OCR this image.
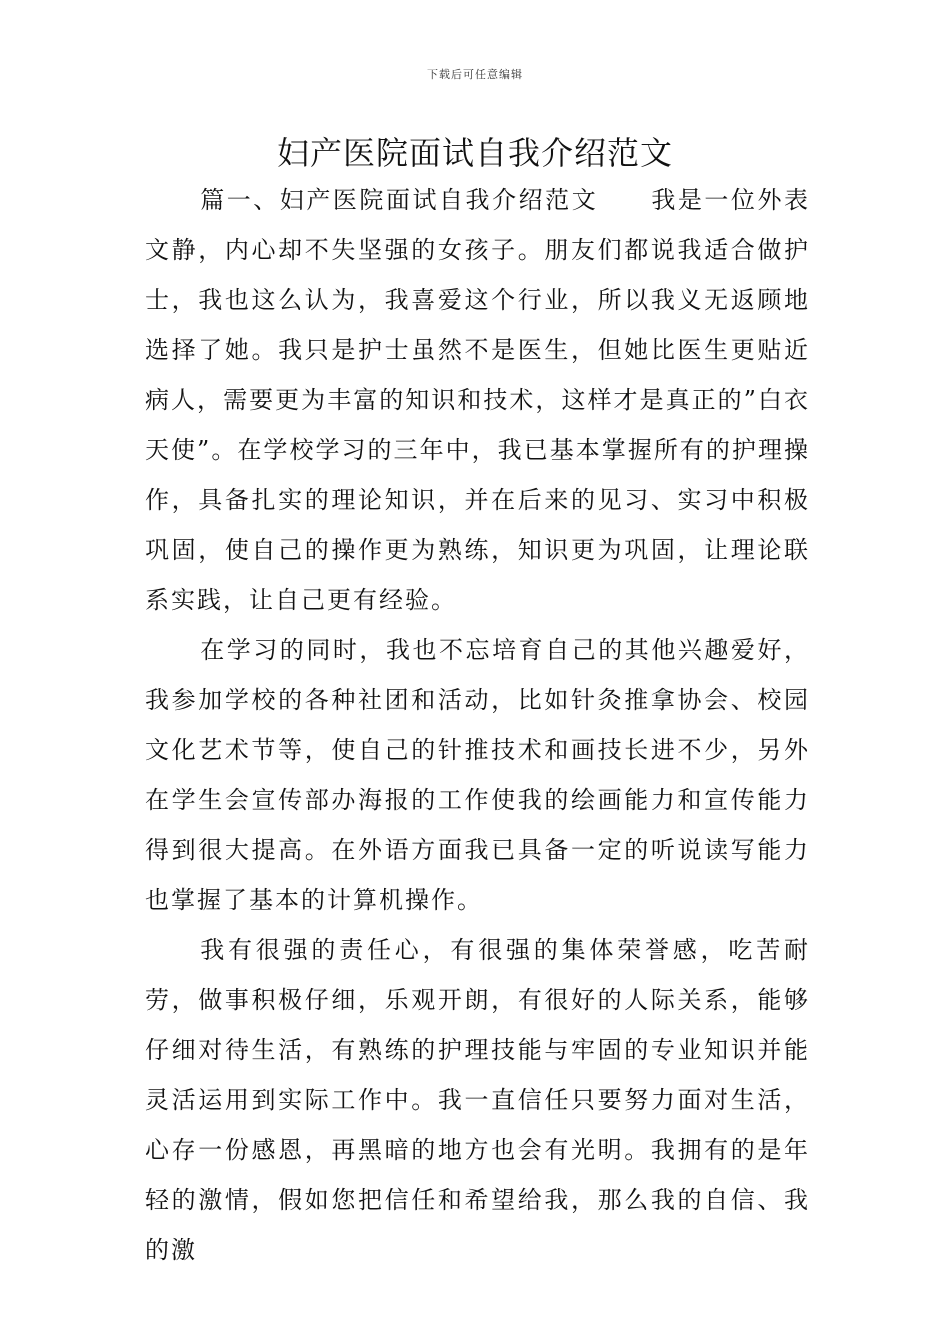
下载后可任意编辑
妇产医院面试自我介绍范文

篇一、妇产医院面试自我介绍范文　　我是一位外表文静，内心却不失坚强的女孩子。朋友们都说我适合做护士，我也这么认为，我喜爱这个行业，所以我义无返顾地选择了她。我只是护士虽然不是医生，但她比医生更贴近病人，需要更为丰富的知识和技术，这样才是真正的”白衣天使”。在学校学习的三年中，我已基本掌握所有的护理操作，具备扎实的理论知识，并在后来的见习、实习中积极巩固，使自己的操作更为熟练，知识更为巩固，让理论联系实践，让自己更有经验。

在学习的同时，我也不忘培育自己的其他兴趣爱好，我参加学校的各种社团和活动，比如针灸推拿协会、校园文化艺术节等，使自己的针推技术和画技长进不少，另外在学生会宣传部办海报的工作使我的绘画能力和宣传能力得到很大提高。在外语方面我已具备一定的听说读写能力也掌握了基本的计算机操作。

我有很强的责任心，有很强的集体荣誉感，吃苦耐劳，做事积极仔细，乐观开朗，有很好的人际关系，能够仔细对待生活，有熟练的护理技能与牢固的专业知识并能灵活运用到实际工作中。我一直信任只要努力面对生活，心存一份感恩，再黑暗的地方也会有光明。我拥有的是年轻的激情，假如您把信任和希望给我，那么我的自信、我的激
